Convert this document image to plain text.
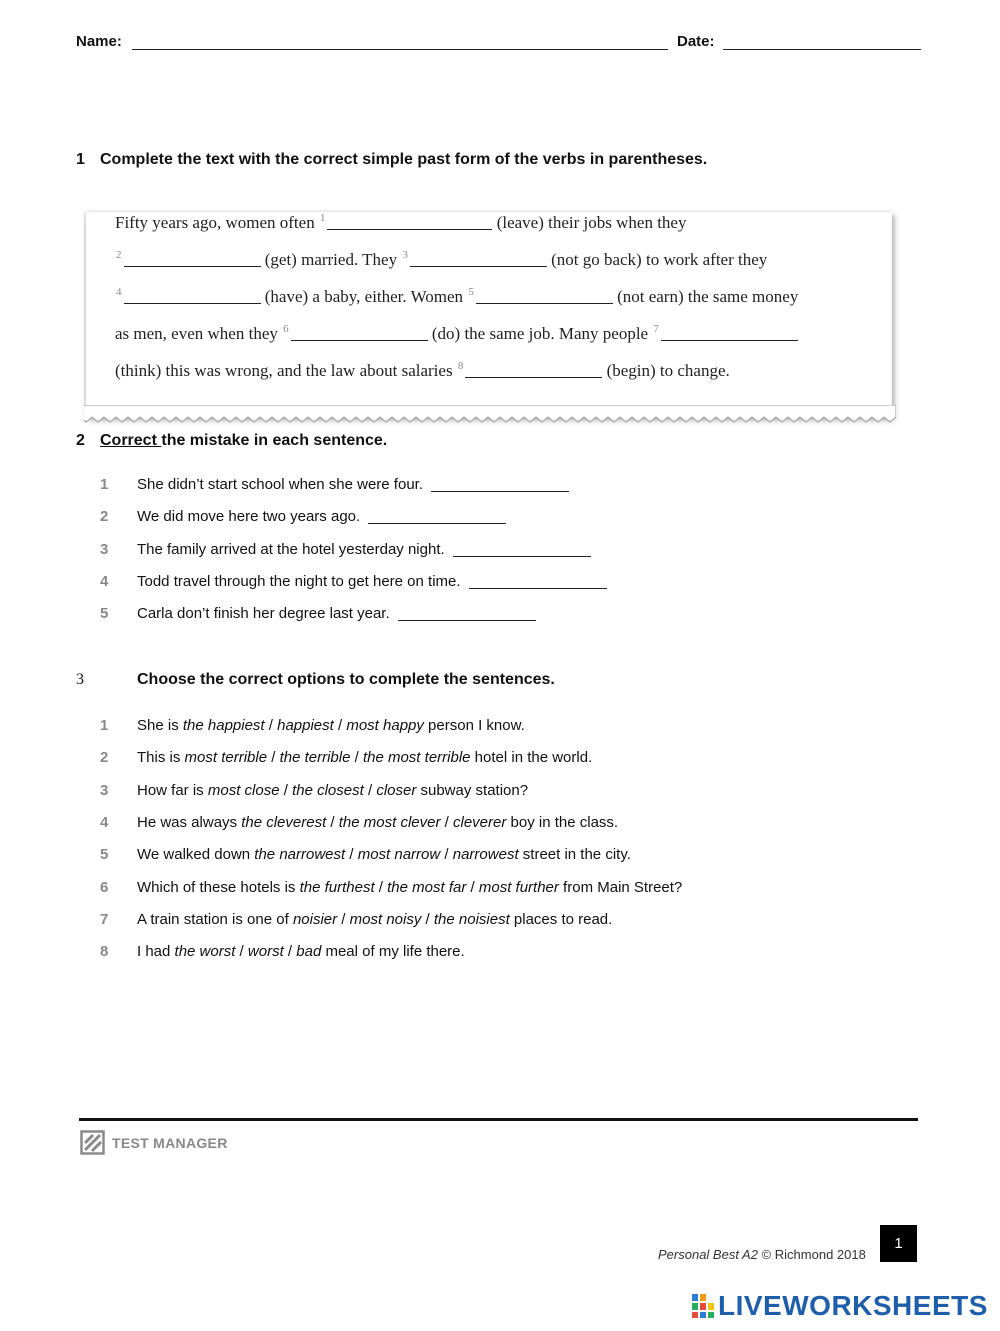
Name:	Date:
1 Complete the text with the correct simple past form of the verbs in parentheses.
Fifty years ago, women often $^1$	(leave) their jobs when they
$^2$	(get) married. They $^3$	(not go back) to work after they
$^4$	(have) a baby, either. Women $^5$	(not earn) the same money
as men, even when they $^6$	(do) the same job. Many people $^7$
(think) this was wrong, and the law about salaries $^8$	(begin) to change.
2 Correct the mistake in each sentence.
1 She didn’t start school when she were four.
2 We did move here two years ago.
3 The family arrived at the hotel yesterday night.
4 Todd travel through the night to get here on time.
5 Carla don’t finish her degree last year.
3	Choose the correct options to complete the sentences.
1 She is the happiest / happiest / most happy person I know.
2 This is most terrible / the terrible / the most terrible hotel in the world.
3 How far is most close / the closest / closer subway station?
4 He was always the cleverest / the most clever / cleverer boy in the class.
5 We walked down the narrowest / most narrow / narrowest street in the city.
6 Which of these hotels is the furthest / the most far / most further from Main Street?
7 A train station is one of noisier / most noisy / the noisiest places to read.
8 I had the worst / worst / bad meal of my life there.
TEST MANAGER
Personal Best A2 © Richmond 2018
1
LIVEWORKSHEETS
